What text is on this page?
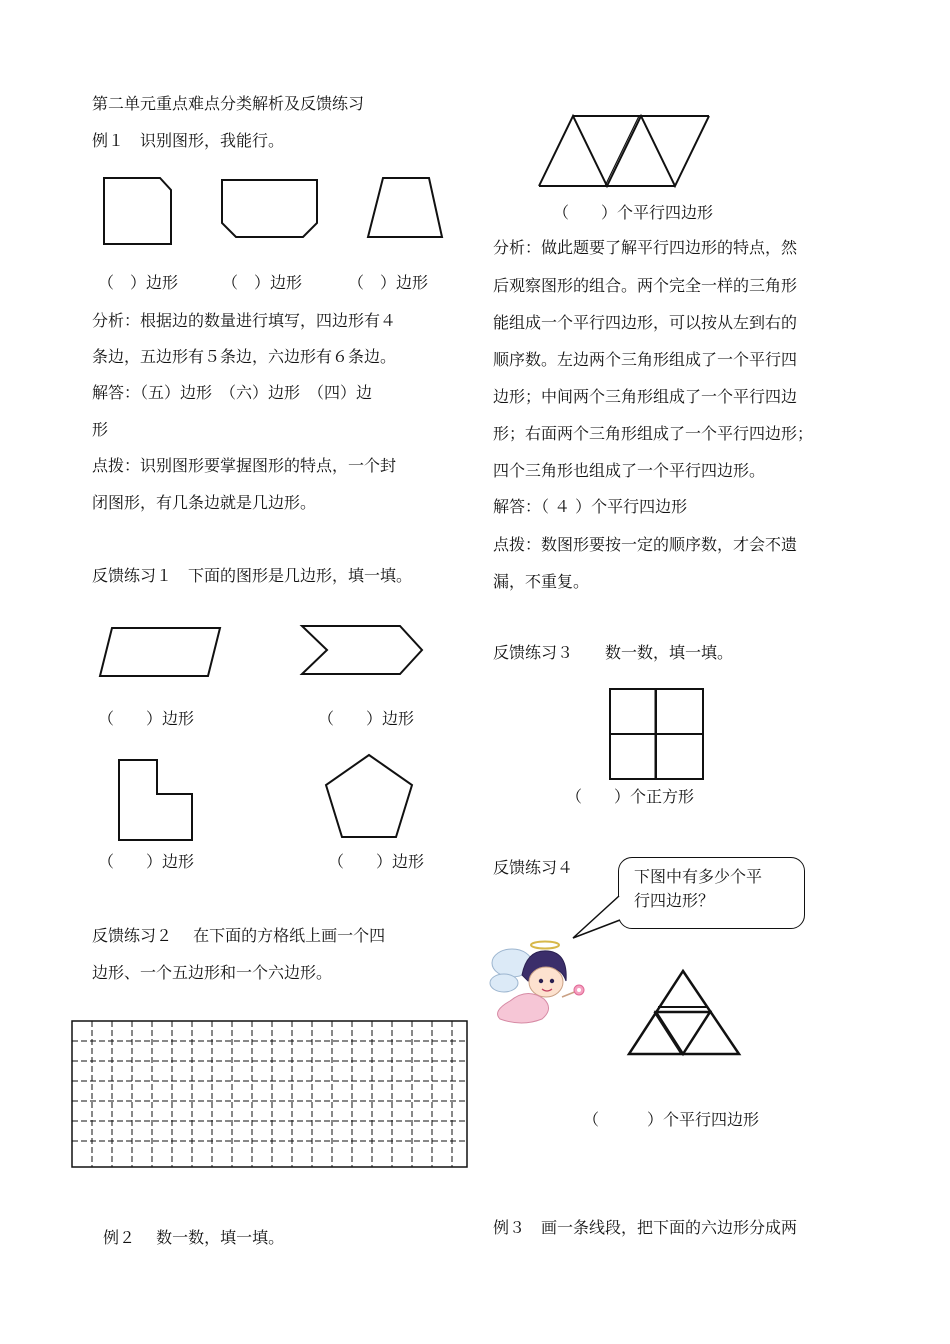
第二单元重点难点分类解析及反馈练习
例１　识别图形，我能行。
（　）边形	（　）边形	（　）边形
分析：根据边的数量进行填写，四边形有４
条边，五边形有５条边，六边形有６条边。
解答：（五）边形　（六）边形　（四）边
形
点拨：识别图形要掌握图形的特点，一个封
闭图形，有几条边就是几边形。
反馈练习１　下面的图形是几边形，填一填。
（　　）边形	（　　）边形
（　　）边形	（　　）边形
反馈练习２　 在下面的方格纸上画一个四
边形、一个五边形和一个六边形。
例２　 数一数，填一填。
（　　）个平行四边形
分析：做此题要了解平行四边形的特点，然
后观察图形的组合。两个完全一样的三角形
能组成一个平行四边形，可以按从左到右的
顺序数。左边两个三角形组成了一个平行四
边形；中间两个三角形组成了一个平行四边
形；右面两个三角形组成了一个平行四边形；
四个三角形也组成了一个平行四边形。
解答：（ ４ ）个平行四边形
点拨：数图形要按一定的顺序数，才会不遗
漏，不重复。
反馈练习３　　数一数，填一填。
（　　）个正方形
反馈练习４	下图中有多少个平
行四边形？
（　　　）个平行四边形
例３　画一条线段，把下面的六边形分成两
